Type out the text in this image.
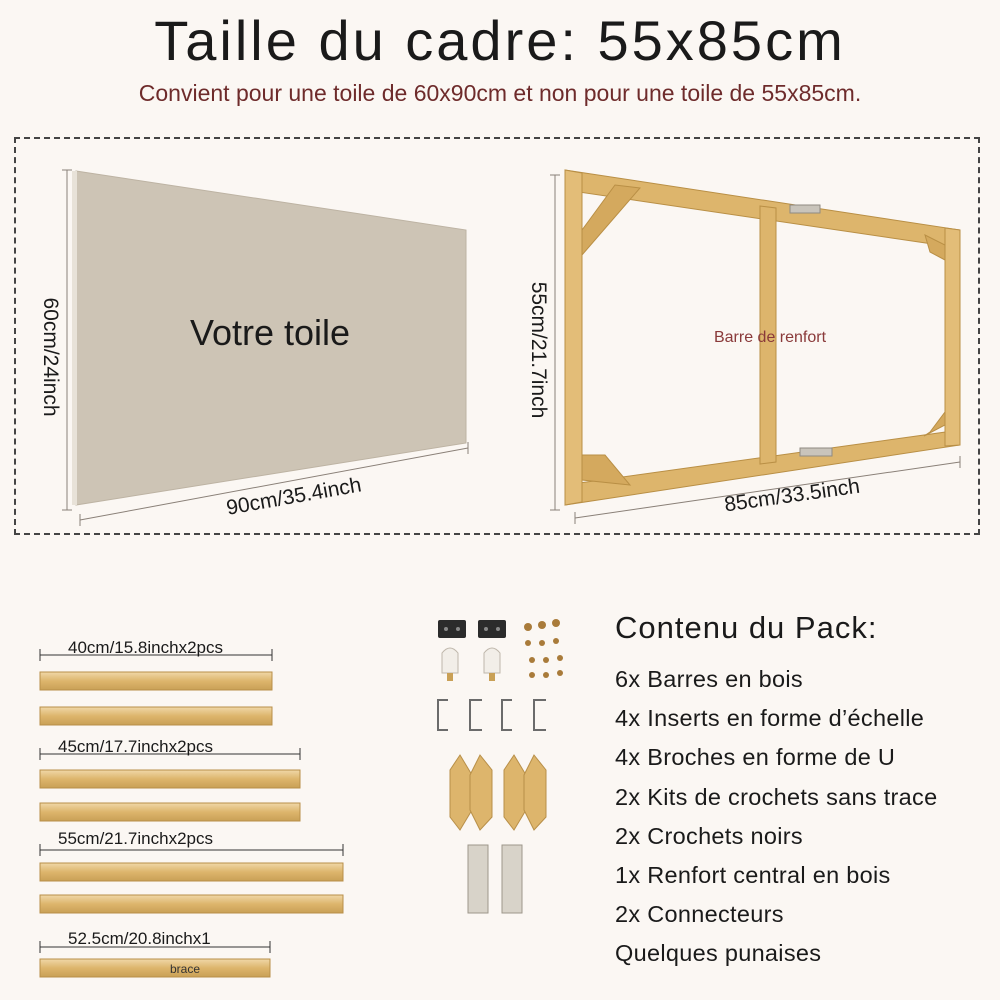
Taille du cadre: 55x85cm
Convient pour une toile de 60x90cm et non pour une toile de 55x85cm.
Votre toile
60cm/24inch
90cm/35.4inch
Barre de renfort
55cm/21.7inch
85cm/33.5inch
brace
40cm/15.8inchx2pcs
45cm/17.7inchx2pcs
55cm/21.7inchx2pcs
52.5cm/20.8inchx1
Contenu du Pack:
6x Barres en bois
4x Inserts en forme d’échelle
4x Broches en forme de U
2x Kits de crochets sans trace
2x Crochets noirs
1x Renfort central en bois
2x Connecteurs
Quelques punaises
